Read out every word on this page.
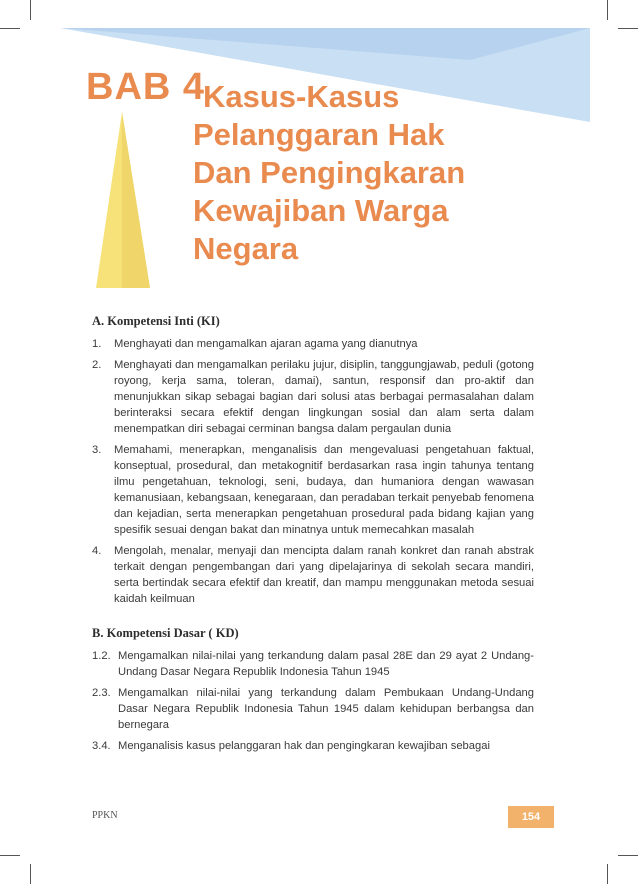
BAB 4
Kasus-Kasus
Pelanggaran Hak
Dan Pengingkaran
Kewajiban Warga
Negara
A. Kompetensi Inti (KI)
1.	Menghayati dan mengamalkan ajaran agama yang dianutnya
2.	Menghayati dan mengamalkan perilaku jujur, disiplin, tanggungjawab, peduli (gotong royong, kerja sama, toleran, damai), santun, responsif dan pro-aktif dan menunjukkan sikap sebagai bagian dari solusi atas berbagai permasalahan dalam berinteraksi secara efektif dengan lingkungan sosial dan alam serta dalam menempatkan diri sebagai cerminan bangsa dalam pergaulan dunia
3.	Memahami, menerapkan, menganalisis dan mengevaluasi pengetahuan faktual, konseptual, prosedural, dan metakognitif berdasarkan rasa ingin tahunya tentang ilmu pengetahuan, teknologi, seni, budaya, dan humaniora dengan wawasan kemanusiaan, kebangsaan, kenegaraan, dan peradaban terkait penyebab fenomena dan kejadian, serta menerapkan pengetahuan prosedural pada bidang kajian yang spesifik sesuai dengan bakat dan minatnya untuk memecahkan masalah
4.	Mengolah, menalar, menyaji dan mencipta dalam ranah konkret dan ranah abstrak terkait dengan pengembangan dari yang dipelajarinya di sekolah secara mandiri, serta bertindak secara efektif dan kreatif, dan mampu menggunakan metoda sesuai kaidah keilmuan
B. Kompetensi Dasar ( KD)
1.2. Mengamalkan nilai-nilai yang terkandung dalam pasal 28E dan 29 ayat 2 Undang- Undang Dasar Negara Republik Indonesia Tahun 1945
2.3. Mengamalkan nilai-nilai yang terkandung dalam Pembukaan Undang-Undang Dasar Negara Republik Indonesia Tahun 1945 dalam kehidupan berbangsa dan bernegara
3.4. Menganalisis kasus pelanggaran hak dan pengingkaran kewajiban sebagai
PPKN	154
